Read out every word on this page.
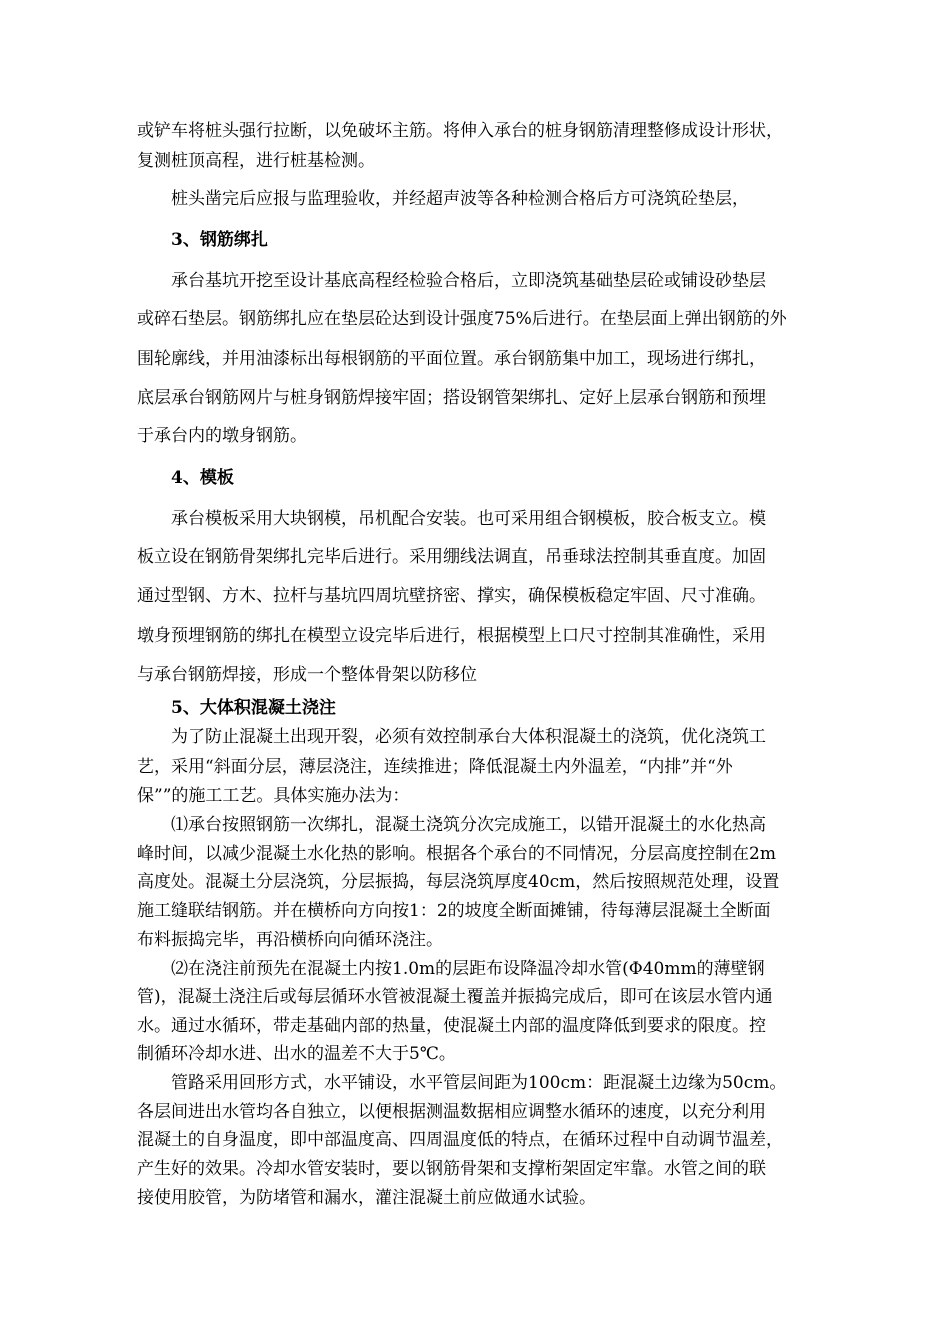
或铲车将桩头强行拉断，以免破坏主筋。将伸入承台的桩身钢筋清理整修成设计形状，
复测桩顶高程，进行桩基检测。
桩头凿完后应报与监理验收，并经超声波等各种检测合格后方可浇筑砼垫层，
3、钢筋绑扎
承台基坑开挖至设计基底高程经检验合格后，立即浇筑基础垫层砼或铺设砂垫层
或碎石垫层。钢筋绑扎应在垫层砼达到设计强度75%后进行。在垫层面上弹出钢筋的外
围轮廓线，并用油漆标出每根钢筋的平面位置。承台钢筋集中加工，现场进行绑扎，
底层承台钢筋网片与桩身钢筋焊接牢固；搭设钢管架绑扎、定好上层承台钢筋和预埋
于承台内的墩身钢筋。
4、模板
承台模板采用大块钢模，吊机配合安装。也可采用组合钢模板，胶合板支立。模
板立设在钢筋骨架绑扎完毕后进行。采用绷线法调直，吊垂球法控制其垂直度。加固
通过型钢、方木、拉杆与基坑四周坑壁挤密、撑实，确保模板稳定牢固、尺寸准确。
墩身预埋钢筋的绑扎在模型立设完毕后进行，根据模型上口尺寸控制其准确性，采用
与承台钢筋焊接，形成一个整体骨架以防移位
5、大体积混凝土浇注
为了防止混凝土出现开裂，必须有效控制承台大体积混凝土的浇筑，优化浇筑工
艺，采用“斜面分层，薄层浇注，连续推进；降低混凝土内外温差，“内排”并“外
保””的施工工艺。具体实施办法为：
⑴承台按照钢筋一次绑扎，混凝土浇筑分次完成施工，以错开混凝土的水化热高
峰时间，以减少混凝土水化热的影响。根据各个承台的不同情况，分层高度控制在2m
高度处。混凝土分层浇筑，分层振捣，每层浇筑厚度40cm，然后按照规范处理，设置
施工缝联结钢筋。并在横桥向方向按1：2的坡度全断面摊铺，待每薄层混凝土全断面
布料振捣完毕，再沿横桥向向循环浇注。
⑵在浇注前预先在混凝土内按1.0m的层距布设降温冷却水管(Φ40mm的薄壁钢
管)，混凝土浇注后或每层循环水管被混凝土覆盖并振捣完成后，即可在该层水管内通
水。通过水循环，带走基础内部的热量，使混凝土内部的温度降低到要求的限度。控
制循环冷却水进、出水的温差不大于5℃。
管路采用回形方式，水平铺设，水平管层间距为100cm：距混凝土边缘为50cm。
各层间进出水管均各自独立，以便根据测温数据相应调整水循环的速度，以充分利用
混凝土的自身温度，即中部温度高、四周温度低的特点，在循环过程中自动调节温差，
产生好的效果。冷却水管安装时，要以钢筋骨架和支撑桁架固定牢靠。水管之间的联
接使用胶管，为防堵管和漏水，灌注混凝土前应做通水试验。
